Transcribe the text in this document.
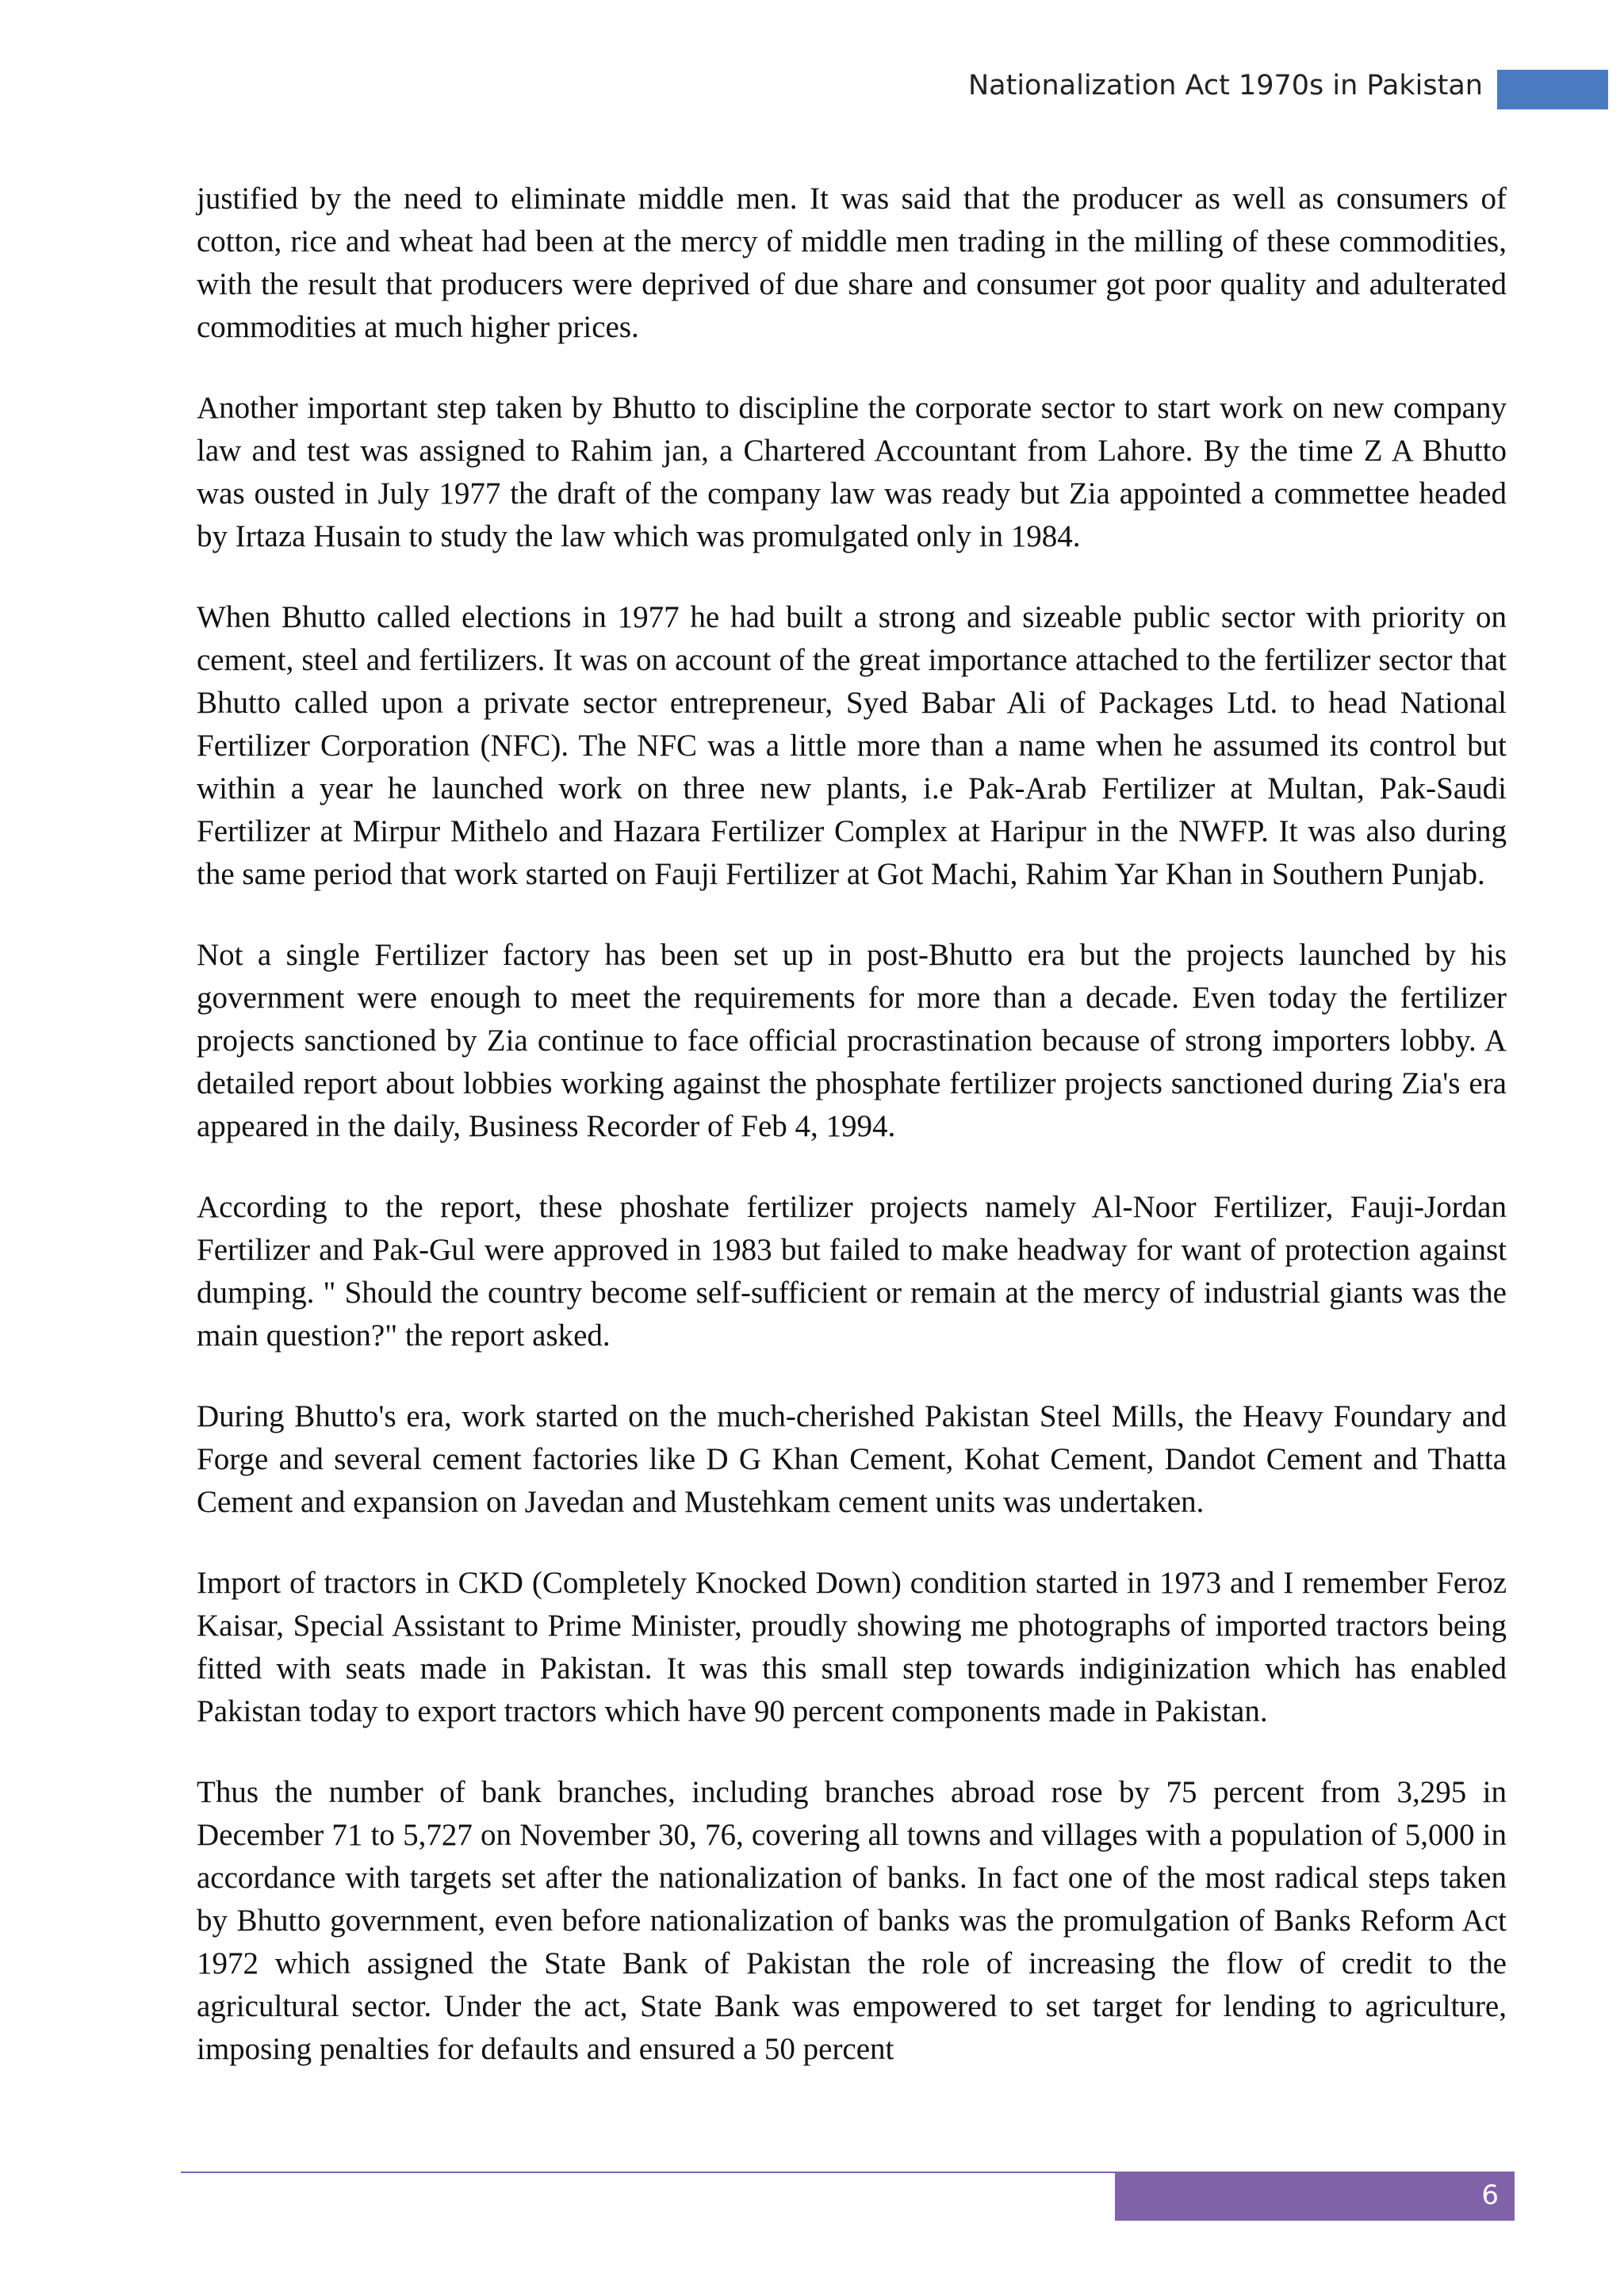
Nationalization Act 1970s in Pakistan

justified by the need to eliminate middle men. It was said that the producer as well as consumers of cotton, rice and wheat had been at the mercy of middle men trading in the milling of these commodities, with the result that producers were deprived of due share and consumer got poor quality and adulterated commodities at much higher prices.

Another important step taken by Bhutto to discipline the corporate sector to start work on new company law and test was assigned to Rahim jan, a Chartered Accountant from Lahore. By the time Z A Bhutto was ousted in July 1977 the draft of the company law was ready but Zia appointed a commettee headed by Irtaza Husain to study the law which was promulgated only in 1984.

When Bhutto called elections in 1977 he had built a strong and sizeable public sector with priority on cement, steel and fertilizers. It was on account of the great importance attached to the fertilizer sector that Bhutto called upon a private sector entrepreneur, Syed Babar Ali of Packages Ltd. to head National Fertilizer Corporation (NFC). The NFC was a little more than a name when he assumed its control but within a year he launched work on three new plants, i.e Pak-Arab Fertilizer at Multan, Pak-Saudi Fertilizer at Mirpur Mithelo and Hazara Fertilizer Complex at Haripur in the NWFP. It was also during the same period that work started on Fauji Fertilizer at Got Machi, Rahim Yar Khan in Southern Punjab.

Not a single Fertilizer factory has been set up in post-Bhutto era but the projects launched by his government were enough to meet the requirements for more than a decade. Even today the fertilizer projects sanctioned by Zia continue to face official procrastination because of strong importers lobby. A detailed report about lobbies working against the phosphate fertilizer projects sanctioned during Zia's era appeared in the daily, Business Recorder of Feb 4, 1994.

According to the report, these phoshate fertilizer projects namely Al-Noor Fertilizer, Fauji-Jordan Fertilizer and Pak-Gul were approved in 1983 but failed to make headway for want of protection against dumping. " Should the country become self-sufficient or remain at the mercy of industrial giants was the main question?" the report asked.

During Bhutto's era, work started on the much-cherished Pakistan Steel Mills, the Heavy Foundary and Forge and several cement factories like D G Khan Cement, Kohat Cement, Dandot Cement and Thatta Cement and expansion on Javedan and Mustehkam cement units was undertaken.

Import of tractors in CKD (Completely Knocked Down) condition started in 1973 and I remember Feroz Kaisar, Special Assistant to Prime Minister, proudly showing me photographs of imported tractors being fitted with seats made in Pakistan. It was this small step towards indiginization which has enabled Pakistan today to export tractors which have 90 percent components made in Pakistan.

Thus the number of bank branches, including branches abroad rose by 75 percent from 3,295 in December 71 to 5,727 on November 30, 76, covering all towns and villages with a population of 5,000 in accordance with targets set after the nationalization of banks. In fact one of the most radical steps taken by Bhutto government, even before nationalization of banks was the promulgation of Banks Reform Act 1972 which assigned the State Bank of Pakistan the role of increasing the flow of credit to the agricultural sector. Under the act, State Bank was empowered to set target for lending to agriculture, imposing penalties for defaults and ensured a 50 percent

6
